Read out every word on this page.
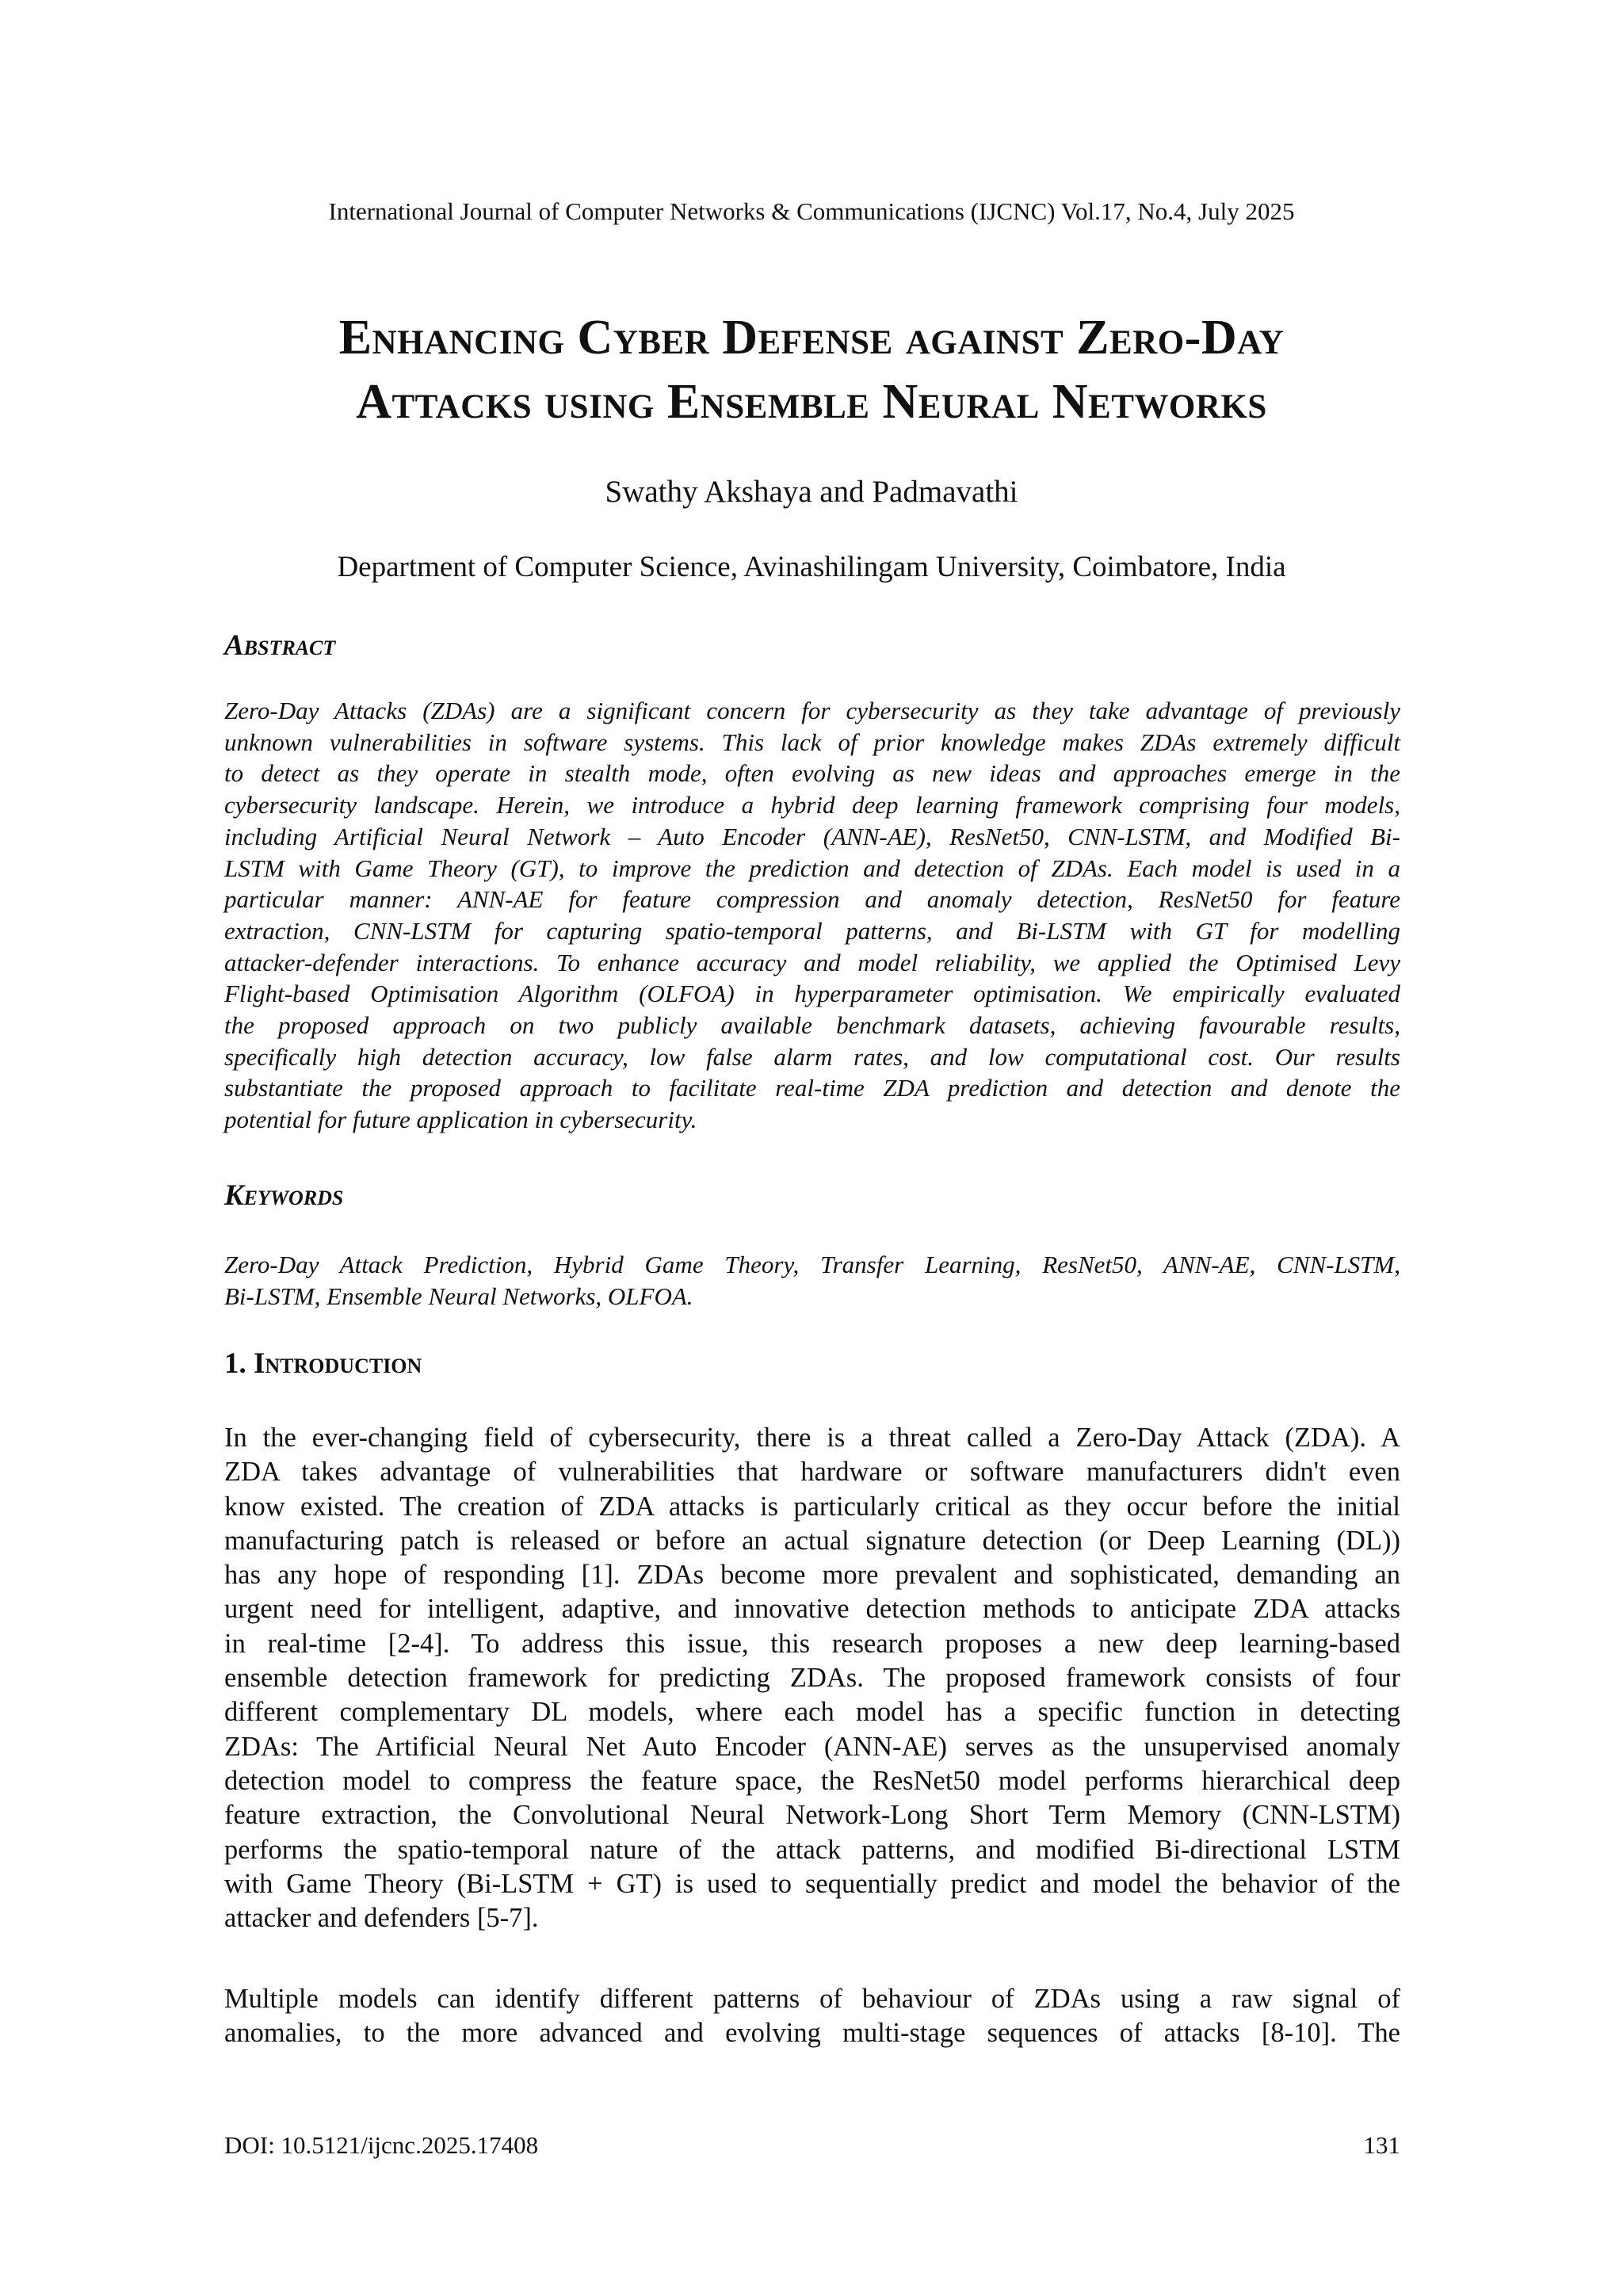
International Journal of Computer Networks & Communications (IJCNC) Vol.17, No.4, July 2025
Enhancing Cyber Defense against Zero-Day
Attacks using Ensemble Neural Networks
Swathy Akshaya and Padmavathi
Department of Computer Science, Avinashilingam University, Coimbatore, India
Abstract
Zero-Day Attacks (ZDAs) are a significant concern for cybersecurity as they take advantage of previously
unknown vulnerabilities in software systems. This lack of prior knowledge makes ZDAs extremely difficult
to detect as they operate in stealth mode, often evolving as new ideas and approaches emerge in the
cybersecurity landscape. Herein, we introduce a hybrid deep learning framework comprising four models,
including Artificial Neural Network – Auto Encoder (ANN-AE), ResNet50, CNN-LSTM, and Modified Bi-
LSTM with Game Theory (GT), to improve the prediction and detection of ZDAs. Each model is used in a
particular manner: ANN-AE for feature compression and anomaly detection, ResNet50 for feature
extraction, CNN-LSTM for capturing spatio-temporal patterns, and Bi-LSTM with GT for modelling
attacker-defender interactions. To enhance accuracy and model reliability, we applied the Optimised Levy
Flight-based Optimisation Algorithm (OLFOA) in hyperparameter optimisation. We empirically evaluated
the proposed approach on two publicly available benchmark datasets, achieving favourable results,
specifically high detection accuracy, low false alarm rates, and low computational cost. Our results
substantiate the proposed approach to facilitate real-time ZDA prediction and detection and denote the
potential for future application in cybersecurity.
Keywords
Zero-Day Attack Prediction, Hybrid Game Theory, Transfer Learning, ResNet50, ANN-AE, CNN-LSTM,
Bi-LSTM, Ensemble Neural Networks, OLFOA.
1. Introduction
In the ever-changing field of cybersecurity, there is a threat called a Zero-Day Attack (ZDA). A
ZDA takes advantage of vulnerabilities that hardware or software manufacturers didn't even
know existed. The creation of ZDA attacks is particularly critical as they occur before the initial
manufacturing patch is released or before an actual signature detection (or Deep Learning (DL))
has any hope of responding [1]. ZDAs become more prevalent and sophisticated, demanding an
urgent need for intelligent, adaptive, and innovative detection methods to anticipate ZDA attacks
in real-time [2-4]. To address this issue, this research proposes a new deep learning-based
ensemble detection framework for predicting ZDAs. The proposed framework consists of four
different complementary DL models, where each model has a specific function in detecting
ZDAs: The Artificial Neural Net Auto Encoder (ANN-AE) serves as the unsupervised anomaly
detection model to compress the feature space, the ResNet50 model performs hierarchical deep
feature extraction, the Convolutional Neural Network-Long Short Term Memory (CNN-LSTM)
performs the spatio-temporal nature of the attack patterns, and modified Bi-directional LSTM
with Game Theory (Bi-LSTM + GT) is used to sequentially predict and model the behavior of the
attacker and defenders [5-7].
Multiple models can identify different patterns of behaviour of ZDAs using a raw signal of
anomalies, to the more advanced and evolving multi-stage sequences of attacks [8-10]. The
DOI: 10.5121/ijcnc.2025.17408	131
